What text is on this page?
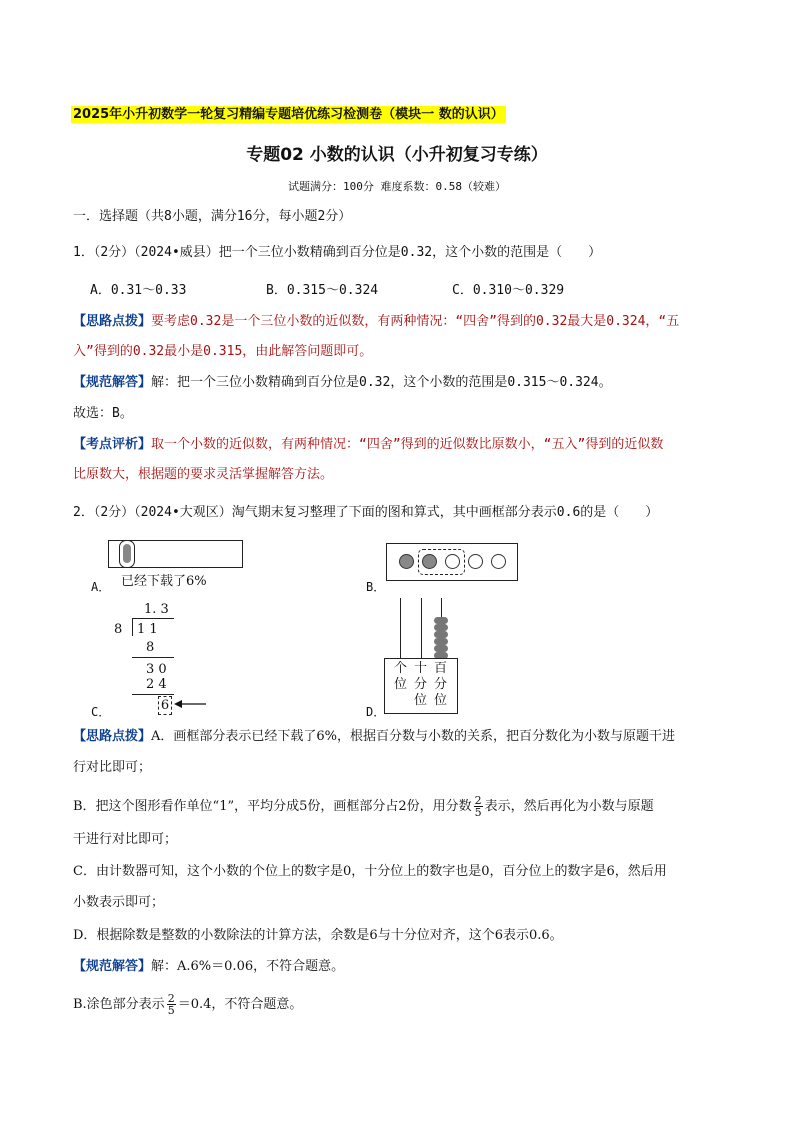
2025年小升初数学一轮复习精编专题培优练习检测卷（模块一 数的认识）
专题02 小数的认识（小升初复习专练）
试题满分：100分 难度系数：0.58（较难）
一．选择题（共8小题，满分16分，每小题2分）
1．（2分）（2024•威县）把一个三位小数精确到百分位是0.32，这个小数的范围是（　　）
A．0.31～0.33	B．0.315～0.324	C．0.310～0.329
【思路点拨】要考虑0.32是一个三位小数的近似数，有两种情况：“四舍”得到的0.32最大是0.324，“五
入”得到的0.32最小是0.315，由此解答问题即可。
【规范解答】解：把一个三位小数精确到百分位是0.32，这个小数的范围是0.315～0.324。
故选：B。
【考点评析】取一个小数的近似数，有两种情况：“四舍”得到的近似数比原数小，“五入”得到的近似数
比原数大，根据题的要求灵活掌握解答方法。
2．（2分）（2024•大观区）淘气期末复习整理了下面的图和算式，其中画框部分表示0.6的是（　　）
已经下载了6%
A．	B．
1. 3
8 1 1
8
3 0
2 4
6
C．
个
位
十
分
位
百
分
位
D．
【思路点拨】A．画框部分表示已经下载了6%，根据百分数与小数的关系，把百分数化为小数与原题干进
行对比即可；
B．把这个图形看作单位“1”，平均分成5份，画框部分占2份，用分数 $\frac{2}{5}$ 表示，然后再化为小数与原题
干进行对比即可；
C．由计数器可知，这个小数的个位上的数字是0，十分位上的数字也是0，百分位上的数字是6，然后用
小数表示即可；
D．根据除数是整数的小数除法的计算方法，余数是6与十分位对齐，这个6表示0.6。
【规范解答】解：A.6%＝0.06，不符合题意。
B.涂色部分表示 $\frac{2}{5} =0.4$，不符合题意。
